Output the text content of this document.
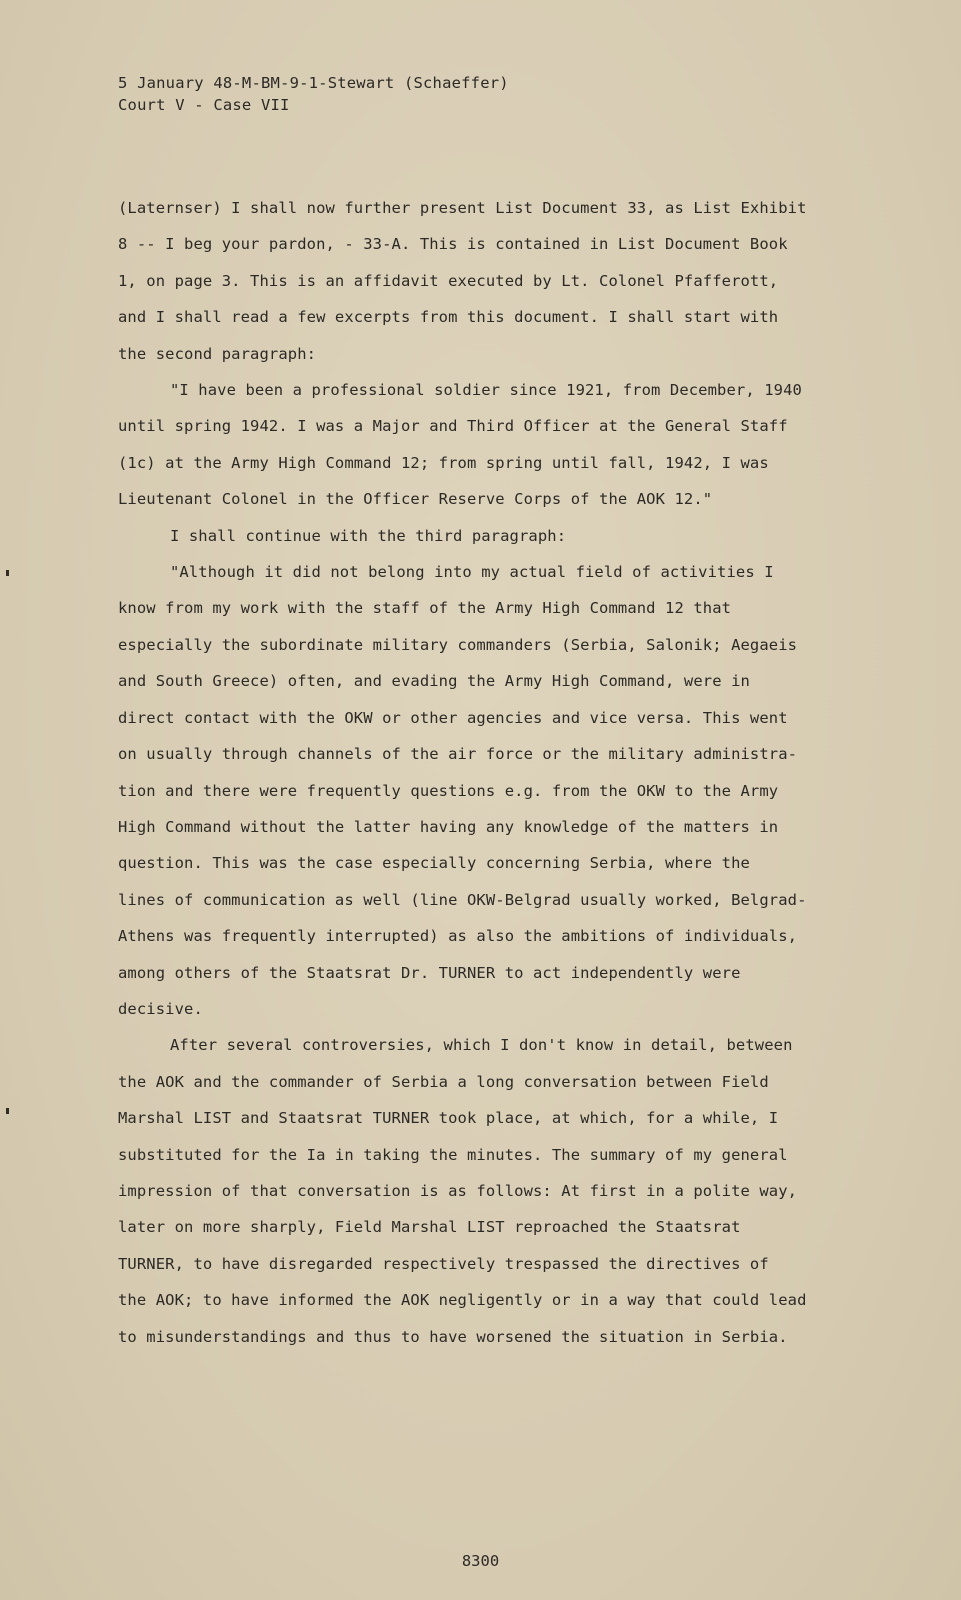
5 January 48-M-BM-9-1-Stewart (Schaeffer)
Court V - Case VII

(Laternser) I shall now further present List Document 33, as List Exhibit
8 -- I beg your pardon, - 33-A. This is contained in List Document Book
1, on page 3. This is an affidavit executed by Lt. Colonel Pfafferott,
and I shall read a few excerpts from this document. I shall start with
the second paragraph:

"I have been a professional soldier since 1921, from December, 1940
until spring 1942. I was a Major and Third Officer at the General Staff
(1c) at the Army High Command 12; from spring until fall, 1942, I was
Lieutenant Colonel in the Officer Reserve Corps of the AOK 12."

I shall continue with the third paragraph:

"Although it did not belong into my actual field of activities I
know from my work with the staff of the Army High Command 12 that
especially the subordinate military commanders (Serbia, Salonik; Aegaeis
and South Greece) often, and evading the Army High Command, were in
direct contact with the OKW or other agencies and vice versa. This went
on usually through channels of the air force or the military administra-
tion and there were frequently questions e.g. from the OKW to the Army
High Command without the latter having any knowledge of the matters in
question. This was the case especially concerning Serbia, where the
lines of communication as well (line OKW-Belgrad usually worked, Belgrad-
Athens was frequently interrupted) as also the ambitions of individuals,
among others of the Staatsrat Dr. TURNER to act independently were
decisive.

After several controversies, which I don't know in detail, between
the AOK and the commander of Serbia a long conversation between Field
Marshal LIST and Staatsrat TURNER took place, at which, for a while, I
substituted for the Ia in taking the minutes. The summary of my general
impression of that conversation is as follows: At first in a polite way,
later on more sharply, Field Marshal LIST reproached the Staatsrat
TURNER, to have disregarded respectively trespassed the directives of
the AOK; to have informed the AOK negligently or in a way that could lead
to misunderstandings and thus to have worsened the situation in Serbia.

8300
